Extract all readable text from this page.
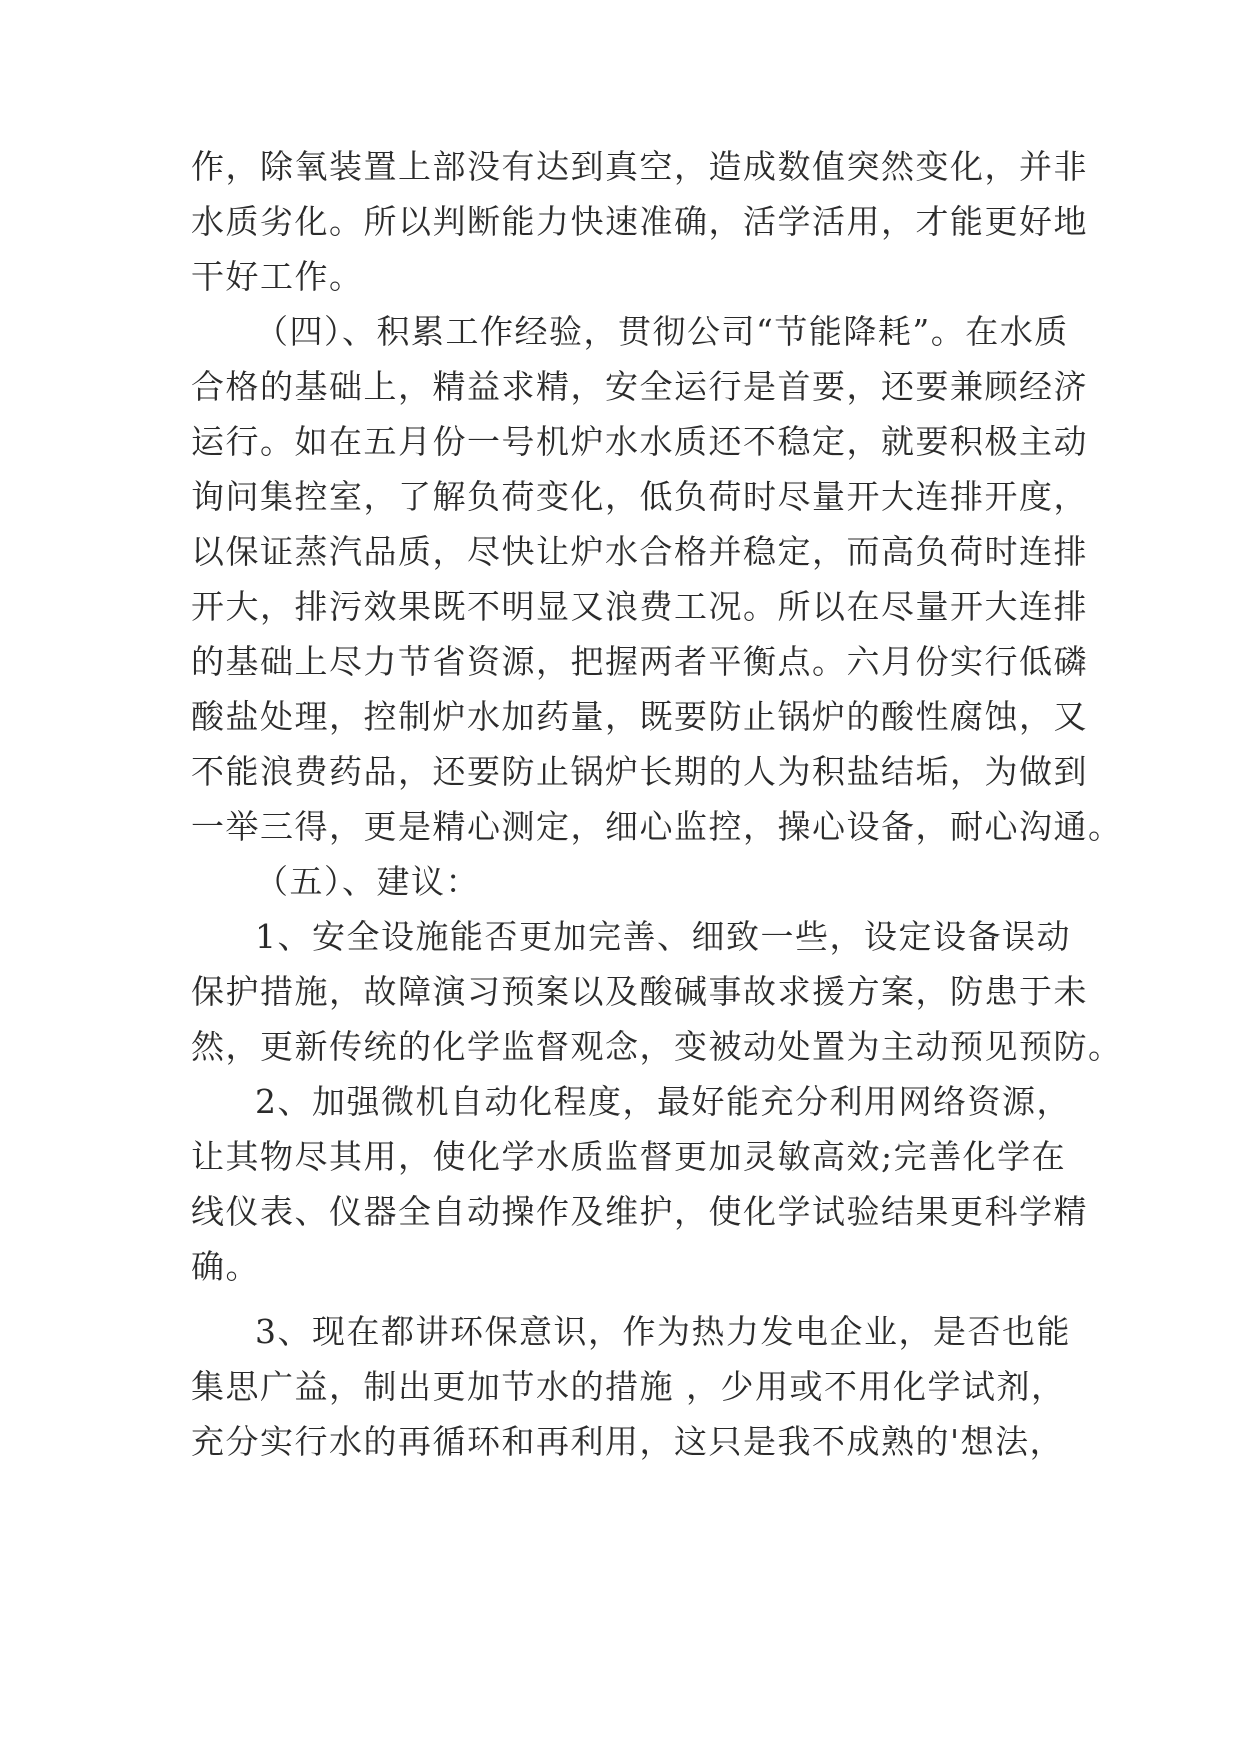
作，除氧装置上部没有达到真空，造成数值突然变化，并非
水质劣化。所以判断能力快速准确，活学活用，才能更好地
干好工作。
（四）、积累工作经验，贯彻公司“节能降耗”。在水质
合格的基础上，精益求精，安全运行是首要，还要兼顾经济
运行。如在五月份一号机炉水水质还不稳定，就要积极主动
询问集控室，了解负荷变化，低负荷时尽量开大连排开度，
以保证蒸汽品质，尽快让炉水合格并稳定，而高负荷时连排
开大，排污效果既不明显又浪费工况。所以在尽量开大连排
的基础上尽力节省资源，把握两者平衡点。六月份实行低磷
酸盐处理，控制炉水加药量，既要防止锅炉的酸性腐蚀，又
不能浪费药品，还要防止锅炉长期的人为积盐结垢，为做到
一举三得，更是精心测定，细心监控，操心设备，耐心沟通。
（五）、建议：
1、安全设施能否更加完善、细致一些，设定设备误动
保护措施，故障演习预案以及酸碱事故求援方案，防患于未
然，更新传统的化学监督观念，变被动处置为主动预见预防。
2、加强微机自动化程度，最好能充分利用网络资源，
让其物尽其用，使化学水质监督更加灵敏高效;完善化学在
线仪表、仪器全自动操作及维护，使化学试验结果更科学精
确。
3、现在都讲环保意识，作为热力发电企业，是否也能
集思广益，制出更加节水的措施 ，少用或不用化学试剂，
充分实行水的再循环和再利用，这只是我不成熟的'想法，
